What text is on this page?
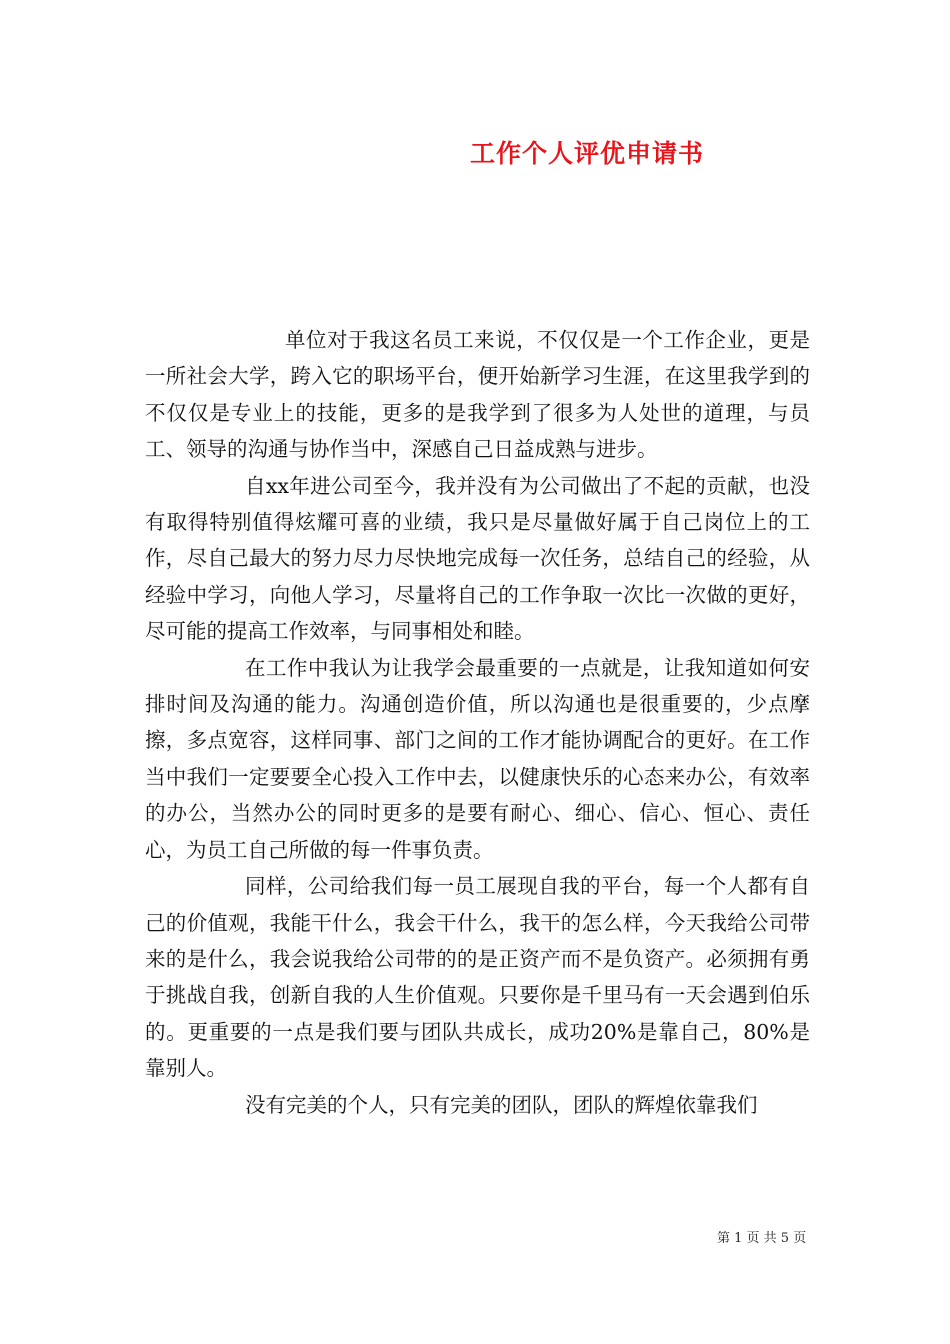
工作个人评优申请书

单位对于我这名员工来说，不仅仅是一个工作企业，更是一所社会大学，跨入它的职场平台，便开始新学习生涯，在这里我学到的不仅仅是专业上的技能，更多的是我学到了很多为人处世的道理，与员工、领导的沟通与协作当中，深感自己日益成熟与进步。

自xx年进公司至今，我并没有为公司做出了不起的贡献，也没有取得特别值得炫耀可喜的业绩，我只是尽量做好属于自己岗位上的工作，尽自己最大的努力尽力尽快地完成每一次任务，总结自己的经验，从经验中学习，向他人学习，尽量将自己的工作争取一次比一次做的更好，尽可能的提高工作效率，与同事相处和睦。

在工作中我认为让我学会最重要的一点就是，让我知道如何安排时间及沟通的能力。沟通创造价值，所以沟通也是很重要的，少点摩擦，多点宽容，这样同事、部门之间的工作才能协调配合的更好。在工作当中我们一定要要全心投入工作中去，以健康快乐的心态来办公，有效率的办公，当然办公的同时更多的是要有耐心、细心、信心、恒心、责任心，为员工自己所做的每一件事负责。

同样，公司给我们每一员工展现自我的平台，每一个人都有自己的价值观，我能干什么，我会干什么，我干的怎么样，今天我给公司带来的是什么，我会说我给公司带的的是正资产而不是负资产。必须拥有勇于挑战自我，创新自我的人生价值观。只要你是千里马有一天会遇到伯乐的。更重要的一点是我们要与团队共成长，成功20%是靠自己，80%是靠别人。

没有完美的个人，只有完美的团队，团队的辉煌依靠我们

第 1 页 共 5 页
